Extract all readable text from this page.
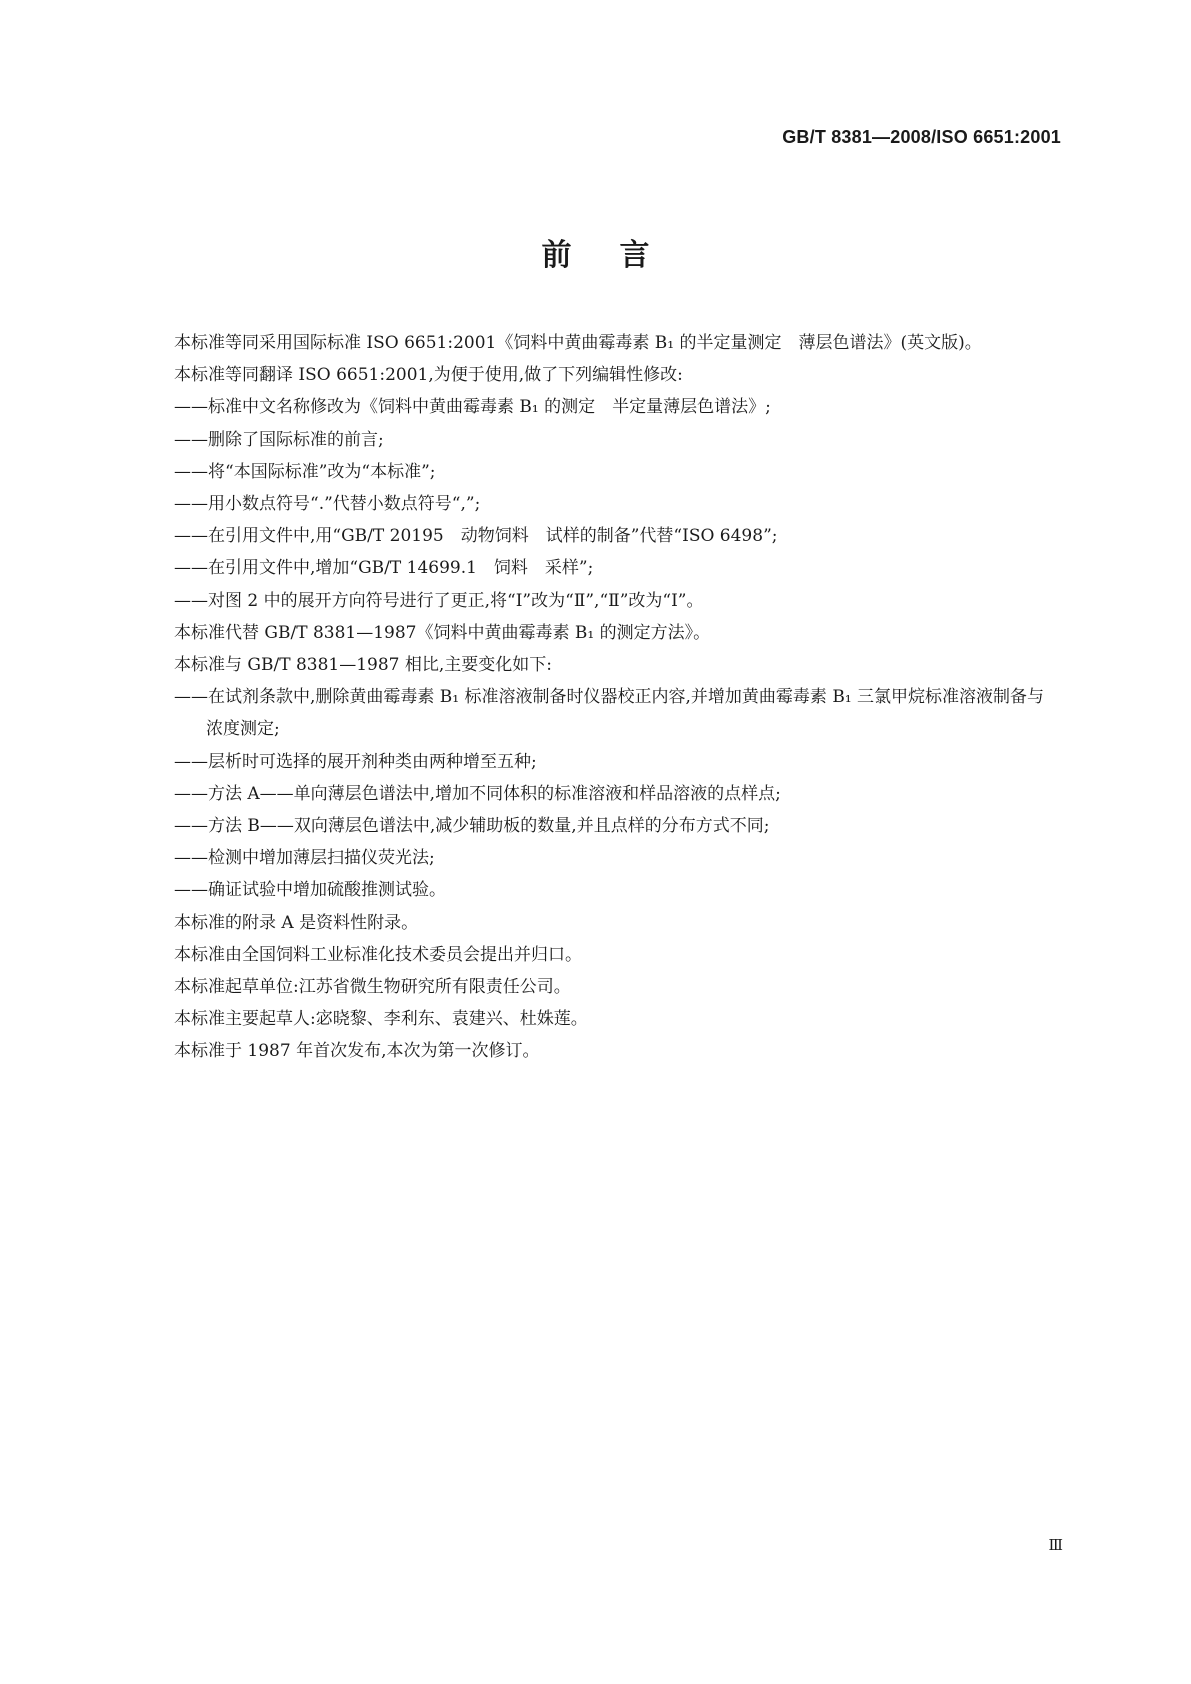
GB/T 8381—2008/ISO 6651:2001
前言

本标准等同采用国际标准 ISO 6651:2001《饲料中黄曲霉毒素 B₁ 的半定量测定　薄层色谱法》(英文版)。

本标准等同翻译 ISO 6651:2001,为便于使用,做了下列编辑性修改:

——标准中文名称修改为《饲料中黄曲霉毒素 B₁ 的测定　半定量薄层色谱法》;

——删除了国际标准的前言;

——将“本国际标准”改为“本标准”;

——用小数点符号“.”代替小数点符号“,”;

——在引用文件中,用“GB/T 20195　动物饲料　试样的制备”代替“ISO 6498”;

——在引用文件中,增加“GB/T 14699.1　饲料　采样”;

——对图 2 中的展开方向符号进行了更正,将“Ⅰ”改为“Ⅱ”,“Ⅱ”改为“Ⅰ”。

本标准代替 GB/T 8381—1987《饲料中黄曲霉毒素 B₁ 的测定方法》。

本标准与 GB/T 8381—1987 相比,主要变化如下:

——在试剂条款中,删除黄曲霉毒素 B₁ 标准溶液制备时仪器校正内容,并增加黄曲霉毒素 B₁ 三氯甲烷标准溶液制备与浓度测定;

——层析时可选择的展开剂种类由两种增至五种;

——方法 A——单向薄层色谱法中,增加不同体积的标准溶液和样品溶液的点样点;

——方法 B——双向薄层色谱法中,减少辅助板的数量,并且点样的分布方式不同;

——检测中增加薄层扫描仪荧光法;

——确证试验中增加硫酸推测试验。

本标准的附录 A 是资料性附录。

本标准由全国饲料工业标准化技术委员会提出并归口。

本标准起草单位:江苏省微生物研究所有限责任公司。

本标准主要起草人:宓晓黎、李利东、袁建兴、杜姝莲。

本标准于 1987 年首次发布,本次为第一次修订。

Ⅲ
